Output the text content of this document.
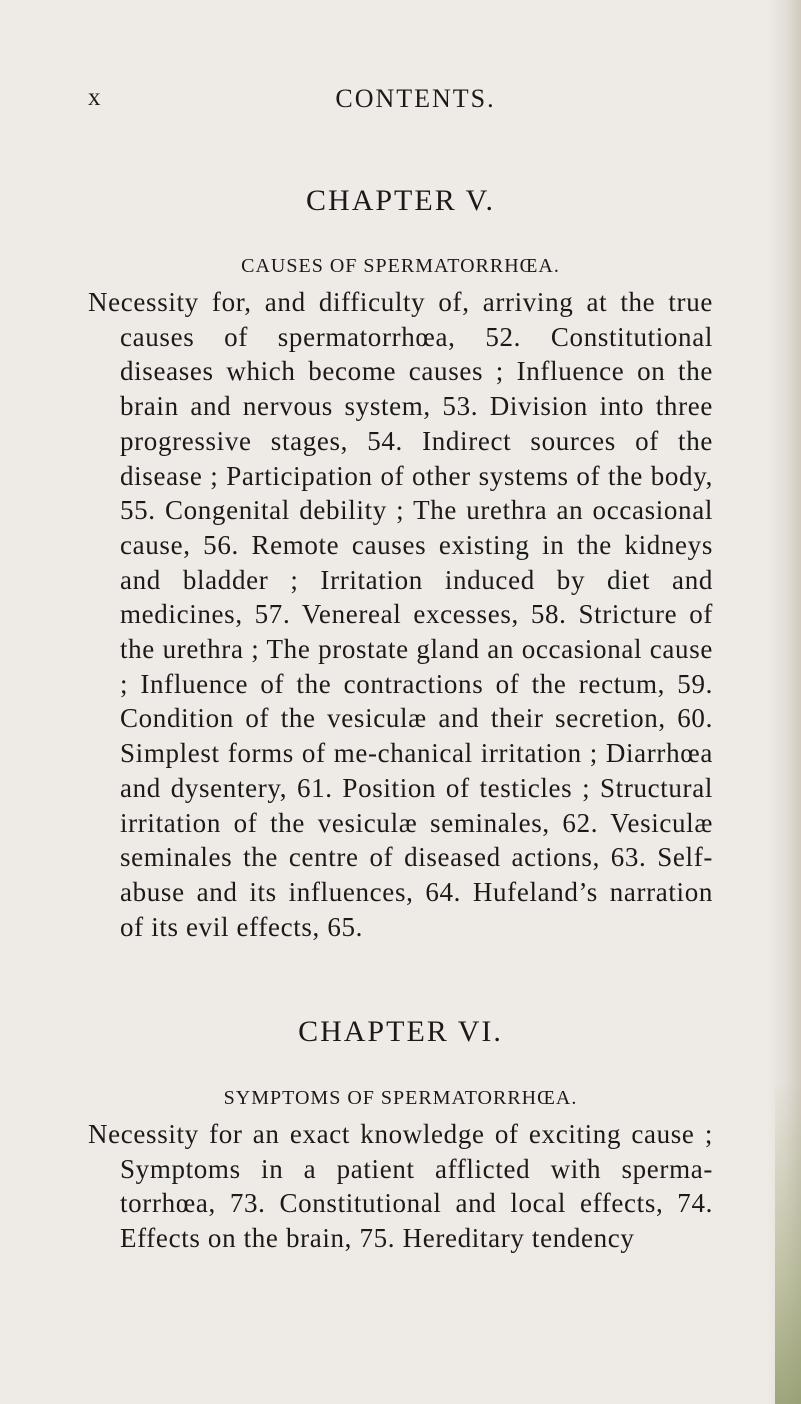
x	CONTENTS.
CHAPTER V.
CAUSES OF SPERMATORRHŒA.

Necessity for, and difficulty of, arriving at the true causes of spermatorrhœa, 52. Constitutional diseases which become causes ; Influence on the brain and nervous system, 53. Division into three progressive stages, 54. Indirect sources of the disease ; Participation of other systems of the body, 55. Congenital debility ; The urethra an occasional cause, 56. Remote causes existing in the kidneys and bladder ; Irritation induced by diet and medicines, 57. Venereal excesses, 58. Stricture of the urethra ; The prostate gland an occasional cause ; Influence of the contractions of the rectum, 59. Condition of the vesiculæ and their secretion, 60. Simplest forms of me-chanical irritation ; Diarrhœa and dysentery, 61. Position of testicles ; Structural irritation of the vesiculæ seminales, 62. Vesiculæ seminales the centre of diseased actions, 63. Self-abuse and its influences, 64. Hufeland’s narration of its evil effects, 65.

CHAPTER VI.
SYMPTOMS OF SPERMATORRHŒA.

Necessity for an exact knowledge of exciting cause ; Symptoms in a patient afflicted with sperma-torrhœa, 73. Constitutional and local effects, 74. Effects on the brain, 75. Hereditary tendency
